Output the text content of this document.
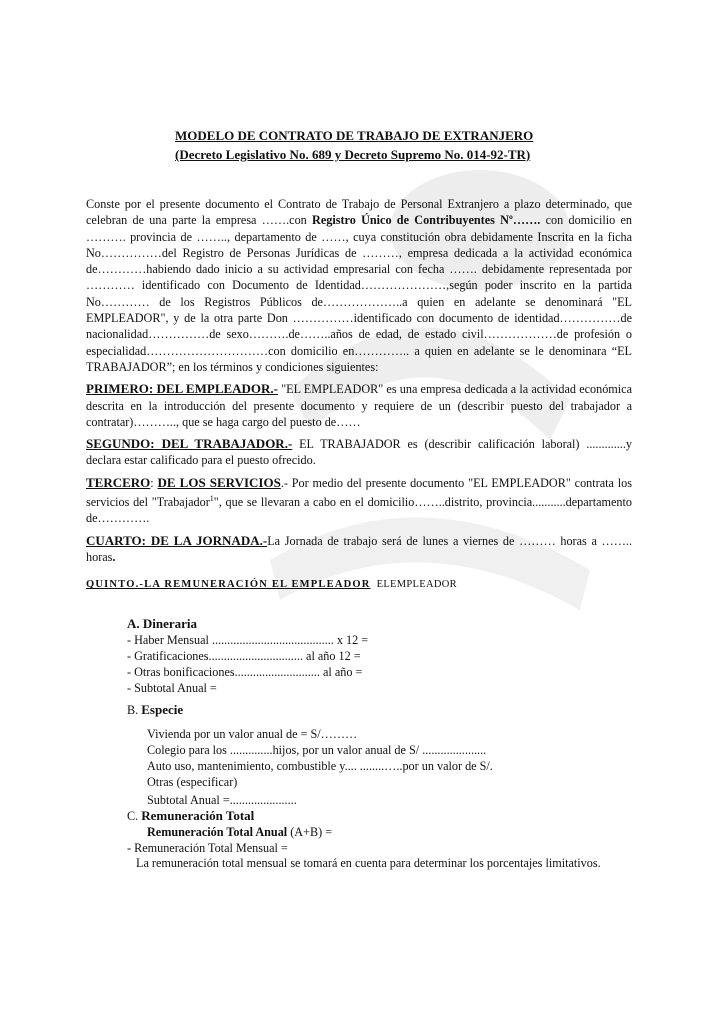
MODELO DE CONTRATO DE TRABAJO DE EXTRANJERO
(Decreto Legislativo No. 689 y Decreto Supremo No. 014-92-TR)

Conste por el presente documento el Contrato de Trabajo de Personal Extranjero a plazo determinado, que celebran de una parte la empresa …….con Registro Único de Contribuyentes Nº……. con domicilio en ………. provincia de …….., departamento de ……, cuya constitución obra debidamente Inscrita en la ficha No……………del Registro de Personas Jurídicas de ………, empresa dedicada a la actividad económica de…………habiendo dado inicio a su actividad empresarial con fecha ……. debidamente representada por ………… identificado con Documento de Identidad…………………,según poder inscrito en la partida No………… de los Registros Públicos de………………..a quien en adelante se denominará "EL EMPLEADOR", y de la otra parte Don ……………identificado con documento de identidad……………de nacionalidad……………de sexo……….de……..años de edad, de estado civil………………de profesión o especialidad…………………………con domicilio en………….. a quien en adelante se le denominara “EL TRABAJADOR”; en los términos y condiciones siguientes:

PRIMERO: DEL EMPLEADOR.- "EL EMPLEADOR" es una empresa dedicada a la actividad económica descrita en la introducción del presente documento y requiere de un (describir puesto del trabajador a contratar)……….., que se haga cargo del puesto de……

SEGUNDO: DEL TRABAJADOR.- EL TRABAJADOR es (describir calificación laboral) .............y declara estar calificado para el puesto ofrecido.

TERCERO: DE LOS SERVICIOS.- Por medio del presente documento "EL EMPLEADOR" contrata los servicios del "Trabajador$^1$", que se llevaran a cabo en el domicilio……..distrito, provincia...........departamento de………….

CUARTO: DE LA JORNADA.-La Jornada de trabajo será de lunes a viernes de ……… horas a …….. horas.

QUINTO.-LA REMUNERACIÓN EL EMPLEADOR ELEMPLEADOR

A. Dineraria
- Haber Mensual ........................................ x 12 =
- Gratificaciones............................... al año 12 =
- Otras bonificaciones............................ al año =
- Subtotal Anual =
B. Especie
Vivienda por un valor anual de = S/………
Colegio para los ..............hijos, por un valor anual de S/ .....................
Auto uso, mantenimiento, combustible y.... ........…..por un valor de S/.
Otras (especificar)
Subtotal Anual =......................
C. Remuneración Total
Remuneración Total Anual (A+B) =
- Remuneración Total Mensual =
La remuneración total mensual se tomará en cuenta para determinar los porcentajes limitativos.
